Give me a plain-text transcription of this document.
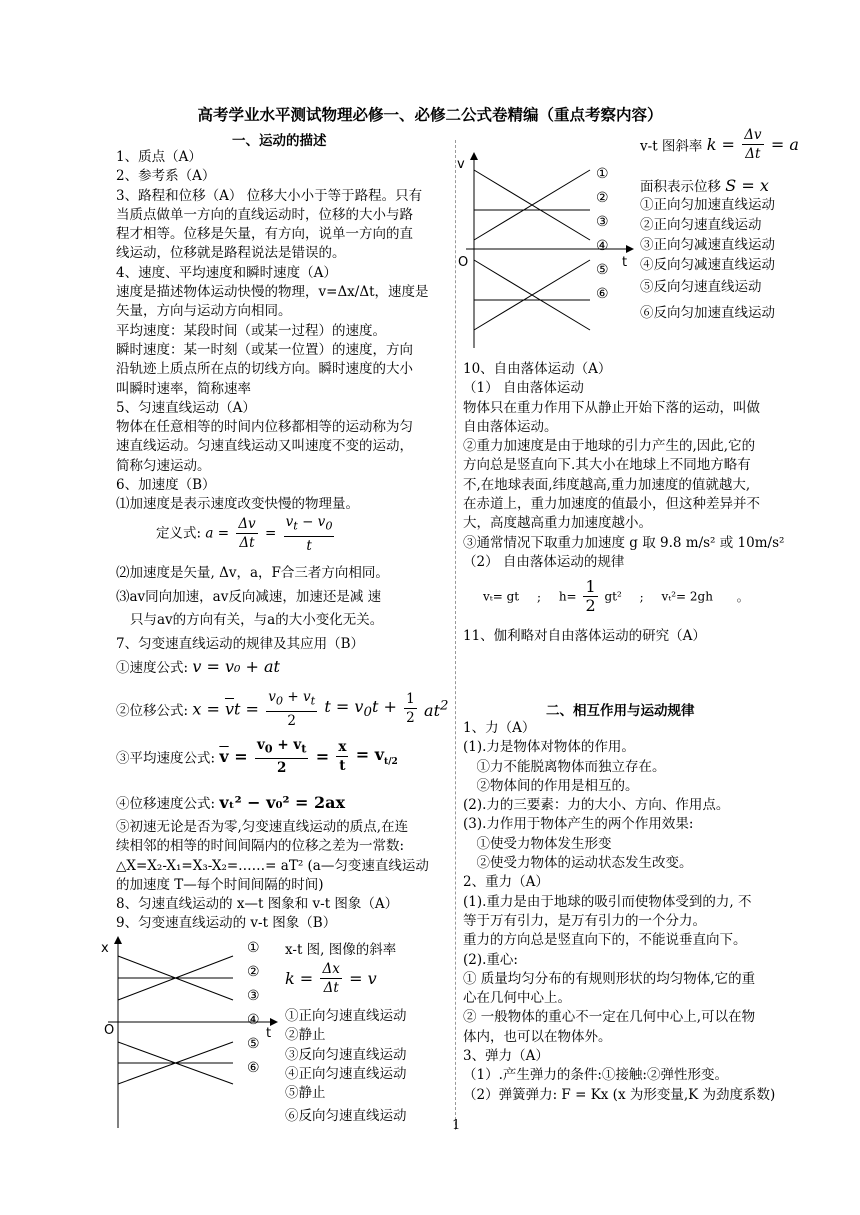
高考学业水平测试物理必修一、必修二公式卷精编（重点考察内容）
一、运动的描述
1、质点（A）
2、参考系（A）
3、路程和位移（A） 位移大小小于等于路程。只有
当质点做单一方向的直线运动时，位移的大小与路
程才相等。位移是矢量，有方向，说单一方向的直
线运动，位移就是路程说法是错误的。
4、速度、平均速度和瞬时速度（A）
速度是描述物体运动快慢的物理，v=Δx/Δt，速度是
矢量，方向与运动方向相同。
平均速度：某段时间（或某一过程）的速度。
瞬时速度：某一时刻（或某一位置）的速度，方向
沿轨迹上质点所在点的切线方向。瞬时速度的大小
叫瞬时速率，简称速率
5、匀速直线运动（A）
物体在任意相等的时间内位移都相等的运动称为匀
速直线运动。匀速直线运动又叫速度不变的运动，
简称匀速运动。
6、加速度（B）
⑴加速度是表示速度改变快慢的物理量。
定义式: $a = \frac{\Delta v}{\Delta t} = \frac{v_t - v_0}{t}$
⑵加速度是矢量, Δv，a，F合三者方向相同。
⑶av同向加速，av反向减速，加速还是减 速
只与av的方向有关，与a的大小变化无关。
7、匀变速直线运动的规律及其应用（B）
①速度公式: v = v₀ + at
②位移公式: $x = \overline{v}t = \frac{v_0 + v_t}{2}$ $t = v_0t + \frac{1}{2} at^2$
③平均速度公式: $\overline{v} = \frac{v_0 + v_t}{2} = \frac{x}{t} = v_{t/2}$
④位移速度公式: vₜ² − v₀² = 2ax
⑤初速无论是否为零,匀变速直线运动的质点,在连
续相邻的相等的时间间隔内的位移之差为一常数:
△X=X₂-X₁=X₃-X₂=……= aT² (a—匀变速直线运动
的加速度 T—每个时间间隔的时间)
8、匀速直线运动的 x—t 图象和 v-t 图象（A）
9、匀变速直线运动的 v-t 图象（B）
x
t
O
①
②
③
④
⑤
⑥
x-t 图, 图像的斜率
$k = \frac{\Delta x}{\Delta t} = v$
①正向匀速直线运动
②静止
③反向匀速直线运动
④正向匀速直线运动
⑤静止
⑥反向匀速直线运动
v
t
O
①
②
③
④
⑤
⑥
v-t 图斜率 $k = \frac{\Delta v}{\Delta t} = a$
面积表示位移 S = x
①正向匀加速直线运动
②正向匀速直线运动
③正向匀减速直线运动
④反向匀减速直线运动
⑤反向匀速直线运动
⑥反向匀加速直线运动
10、自由落体运动（A）
（1） 自由落体运动
物体只在重力作用下从静止开始下落的运动，叫做
自由落体运动。
②重力加速度是由于地球的引力产生的,因此,它的
方向总是竖直向下.其大小在地球上不同地方略有
不,在地球表面,纬度越高,重力加速度的值就越大,
在赤道上，重力加速度的值最小，但这种差异并不
大，高度越高重力加速度越小。
③通常情况下取重力加速度 g 取 9.8 m/s² 或 10m/s²
（2） 自由落体运动的规律
vₜ= gt ; $h= \frac{1}{2} gt^2$ ; vₜ²= 2gh 。
11、伽利略对自由落体运动的研究（A）
二、相互作用与运动规律
1、力（A）
(1).力是物体对物体的作用。
　①力不能脱离物体而独立存在。
　②物体间的作用是相互的。
(2).力的三要素：力的大小、方向、作用点。
(3).力作用于物体产生的两个作用效果:
　①使受力物体发生形变
　②使受力物体的运动状态发生改变。
2、重力（A）
(1).重力是由于地球的吸引而使物体受到的力, 不
等于万有引力，是万有引力的一个分力。
重力的方向总是竖直向下的，不能说垂直向下。
(2).重心:
① 质量均匀分布的有规则形状的均匀物体,它的重
心在几何中心上。
② 一般物体的重心不一定在几何中心上,可以在物
体内，也可以在物体外。
3、弹力（A）
（1）.产生弹力的条件:①接触:②弹性形变。
（2）弹簧弹力: F = Kx (x 为形变量,K 为劲度系数)
1
